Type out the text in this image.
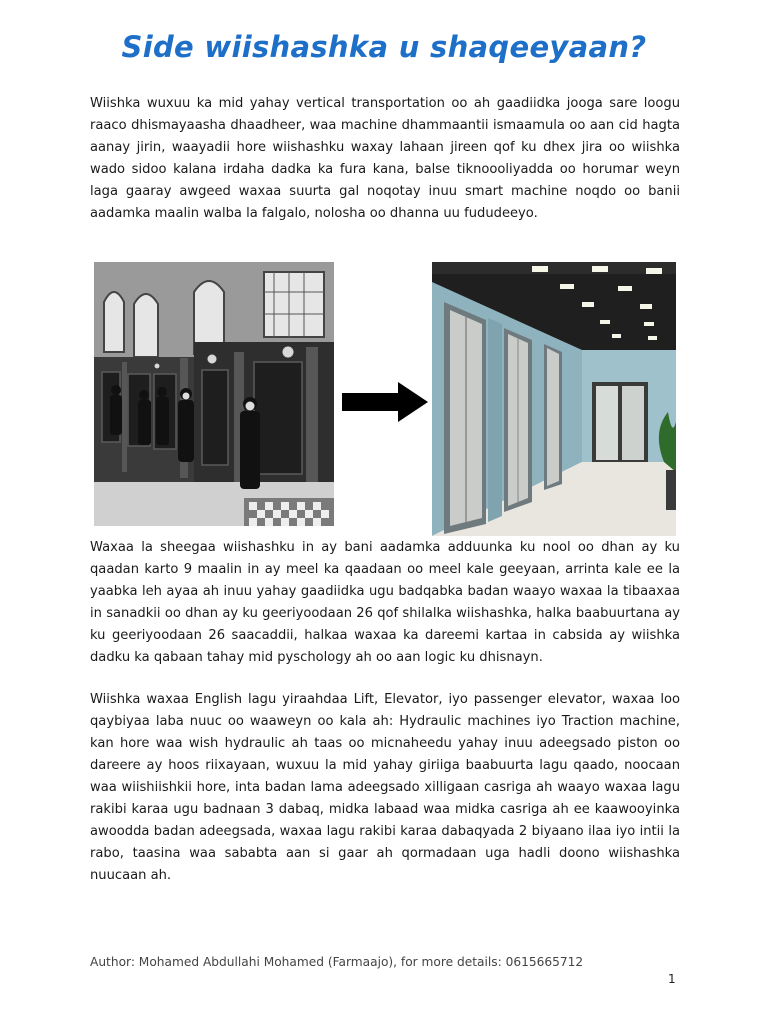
Side wiishashka u shaqeeyaan?

Wiishka wuxuu ka mid yahay vertical transportation oo ah gaadiidka jooga sare loogu raaco dhismayaasha dhaadheer, waa machine dhammaantii ismaamula oo aan cid hagta aanay jirin, waayadii hore wiishashku waxay lahaan jireen qof ku dhex jira oo wiishka wado sidoo kalana irdaha dadka ka fura kana, balse tiknoooliyadda oo horumar weyn laga gaaray awgeed waxaa suurta gal noqotay inuu smart machine noqdo oo banii aadamka maalin walba la falgalo, nolosha oo dhanna uu fududeeyo.

Waxaa la sheegaa wiishashku in ay bani aadamka adduunka ku nool oo dhan ay ku qaadan karto 9 maalin in ay meel ka qaadaan oo meel kale geeyaan, arrinta kale ee la yaabka leh ayaa ah inuu yahay gaadiidka ugu badqabka badan waayo waxaa la tibaaxaa in sanadkii oo dhan ay ku geeriyoodaan 26 qof shilalka wiishashka, halka baabuurtana ay ku geeriyoodaan 26 saacaddii, halkaa waxaa ka dareemi kartaa in cabsida ay wiishka dadku ka qabaan tahay mid pyschology ah oo aan logic ku dhisnayn.

Wiishka waxaa English lagu yiraahdaa Lift, Elevator, iyo passenger elevator, waxaa loo qaybiyaa laba nuuc oo waaweyn oo kala ah: Hydraulic machines iyo Traction machine, kan hore waa wish hydraulic ah taas oo micnaheedu yahay inuu adeegsado piston oo dareere ay hoos riixayaan, wuxuu la mid yahay giriiga baabuurta lagu qaado, noocaan waa wiishiishkii hore, inta badan lama adeegsado xilligaan casriga ah waayo waxaa lagu rakibi karaa ugu badnaan 3 dabaq, midka labaad waa midka casriga ah ee kaawooyinka awoodda badan adeegsada, waxaa lagu rakibi karaa dabaqyada 2 biyaano ilaa iyo intii la rabo, taasina waa sababta aan si gaar ah qormadaan uga hadli doono wiishashka nuucaan ah.

Author: Mohamed Abdullahi Mohamed (Farmaajo), for more details: 0615665712
1
